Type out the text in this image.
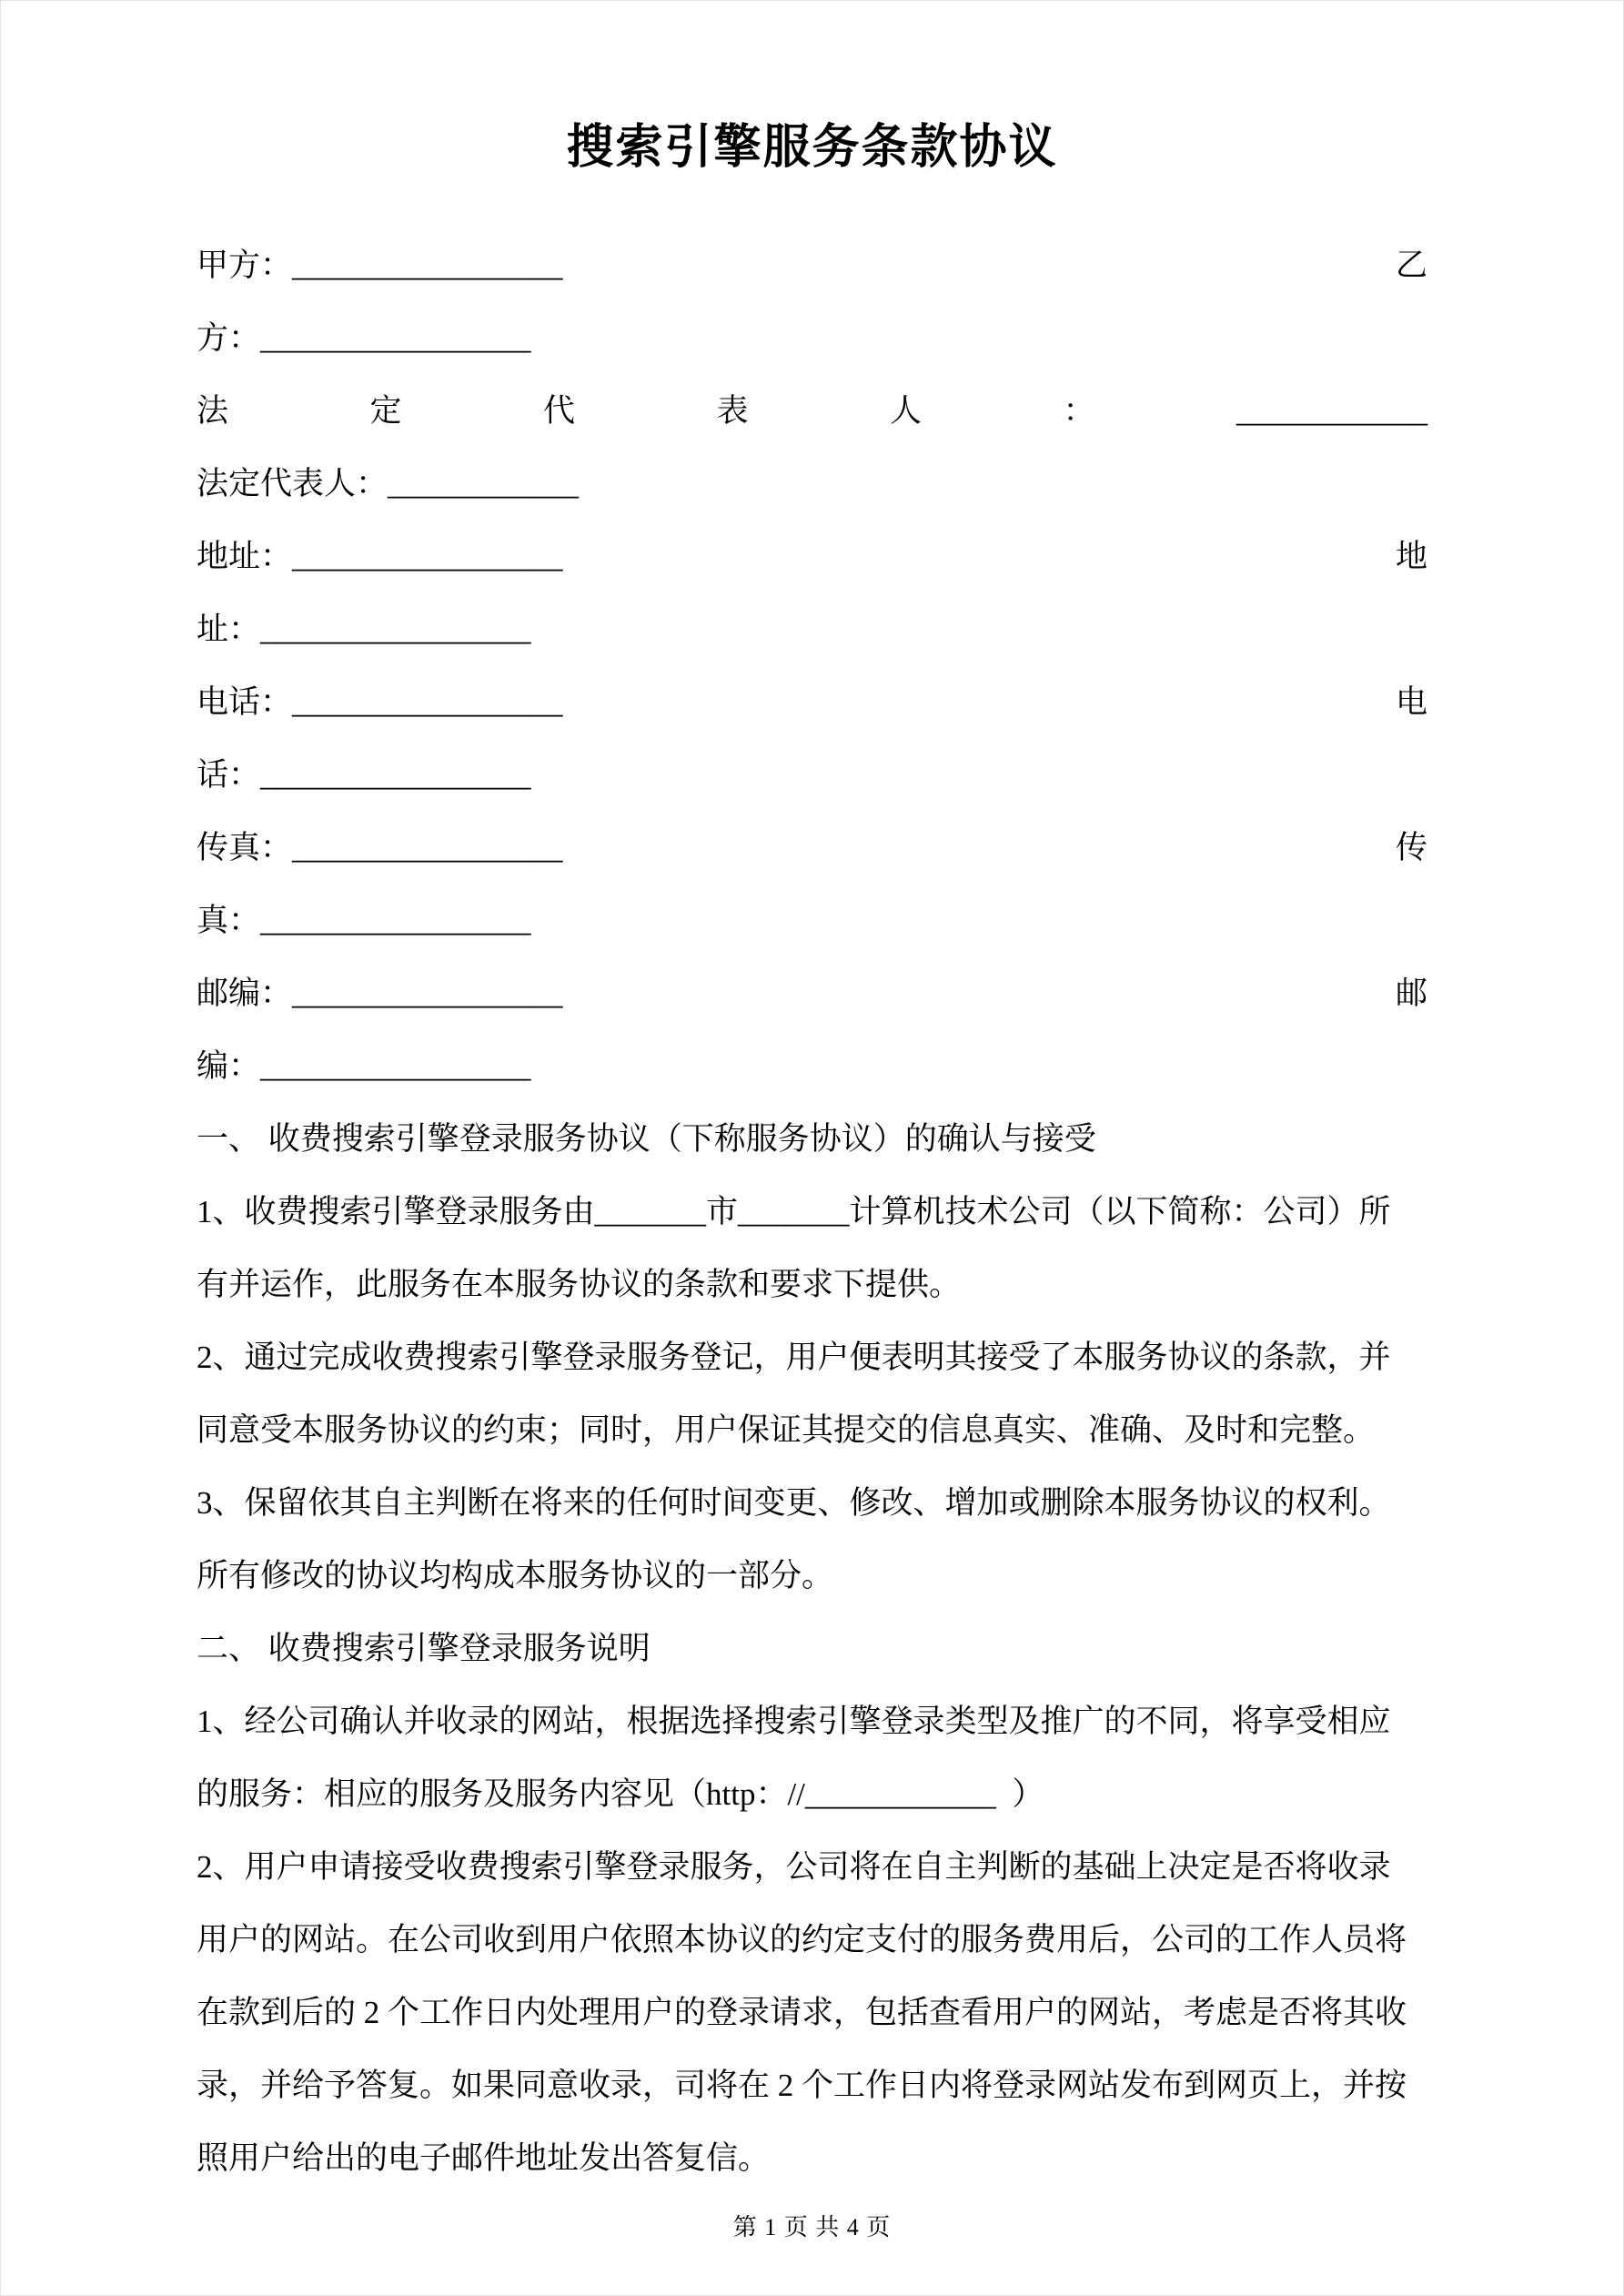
搜索引擎服务条款协议
甲方：_________________	乙
方：_________________
法	定	代	表	人	：	____________
法定代表人：____________
地址：_________________	地
址：_________________
电话：_________________	电
话：_________________
传真：_________________	传
真：_________________
邮编：_________________	邮
编：_________________
一、 收费搜索引擎登录服务协议（下称服务协议）的确认与接受
1、收费搜索引擎登录服务由_______市_______计算机技术公司（以下简称：公司）所
有并运作，此服务在本服务协议的条款和要求下提供。
2、通过完成收费搜索引擎登录服务登记，用户便表明其接受了本服务协议的条款，并
同意受本服务协议的约束；同时，用户保证其提交的信息真实、准确、及时和完整。
3、保留依其自主判断在将来的任何时间变更、修改、增加或删除本服务协议的权利。
所有修改的协议均构成本服务协议的一部分。
二、 收费搜索引擎登录服务说明
1、经公司确认并收录的网站，根据选择搜索引擎登录类型及推广的不同，将享受相应
的服务：相应的服务及服务内容见（http：//____________  ）
2、用户申请接受收费搜索引擎登录服务，公司将在自主判断的基础上决定是否将收录
用户的网站。在公司收到用户依照本协议的约定支付的服务费用后，公司的工作人员将
在款到后的 2 个工作日内处理用户的登录请求，包括查看用户的网站，考虑是否将其收
录，并给予答复。如果同意收录，司将在 2 个工作日内将登录网站发布到网页上，并按
照用户给出的电子邮件地址发出答复信。
第 1 页 共 4 页
